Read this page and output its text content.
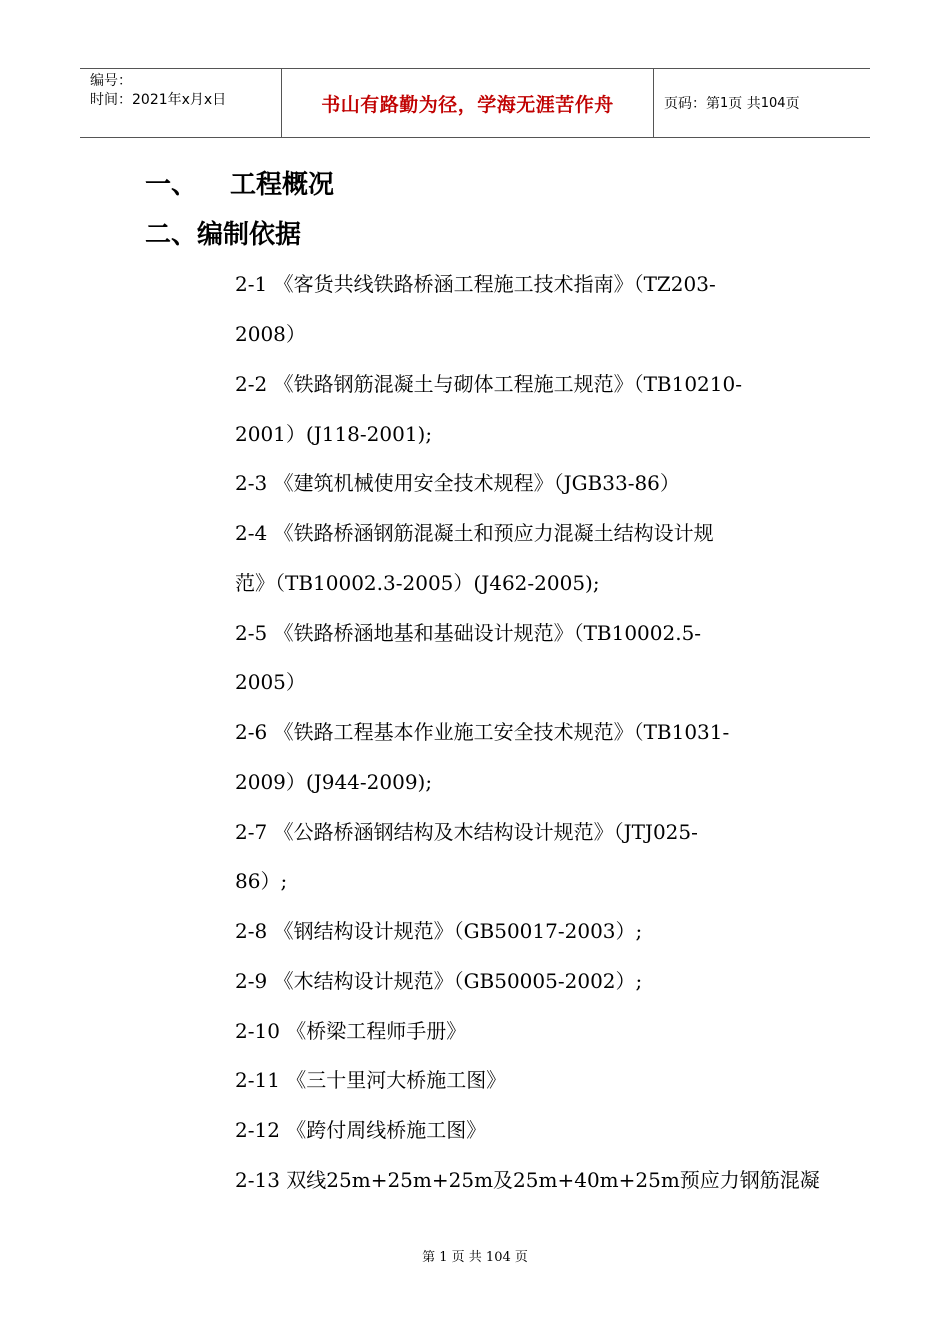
编号：
时间：2021年x月x日	书山有路勤为径，学海无涯苦作舟	页码：第 1 页 共 104 页
一、 工程概况
二、编制依据
2-1 《客货共线铁路桥涵工程施工技术指南》（TZ203-
2008）
2-2 《铁路钢筋混凝土与砌体工程施工规范》（TB10210-
2001）(J118-2001);
2-3 《建筑机械使用安全技术规程》（JGB33-86）
2-4 《铁路桥涵钢筋混凝土和预应力混凝土结构设计规
范》（TB10002.3-2005）(J462-2005);
2-5 《铁路桥涵地基和基础设计规范》（TB10002.5-
2005）
2-6 《铁路工程基本作业施工安全技术规范》（TB1031-
2009）(J944-2009);
2-7 《公路桥涵钢结构及木结构设计规范》（JTJ025-
86）;
2-8 《钢结构设计规范》（GB50017-2003）;
2-9 《木结构设计规范》（GB50005-2002）;
2-10 《桥梁工程师手册》
2-11 《三十里河大桥施工图》
2-12 《跨付周线桥施工图》
2-13 双线25m+25m+25m及25m+40m+25m预应力钢筋混凝
第 1 页 共 104 页
